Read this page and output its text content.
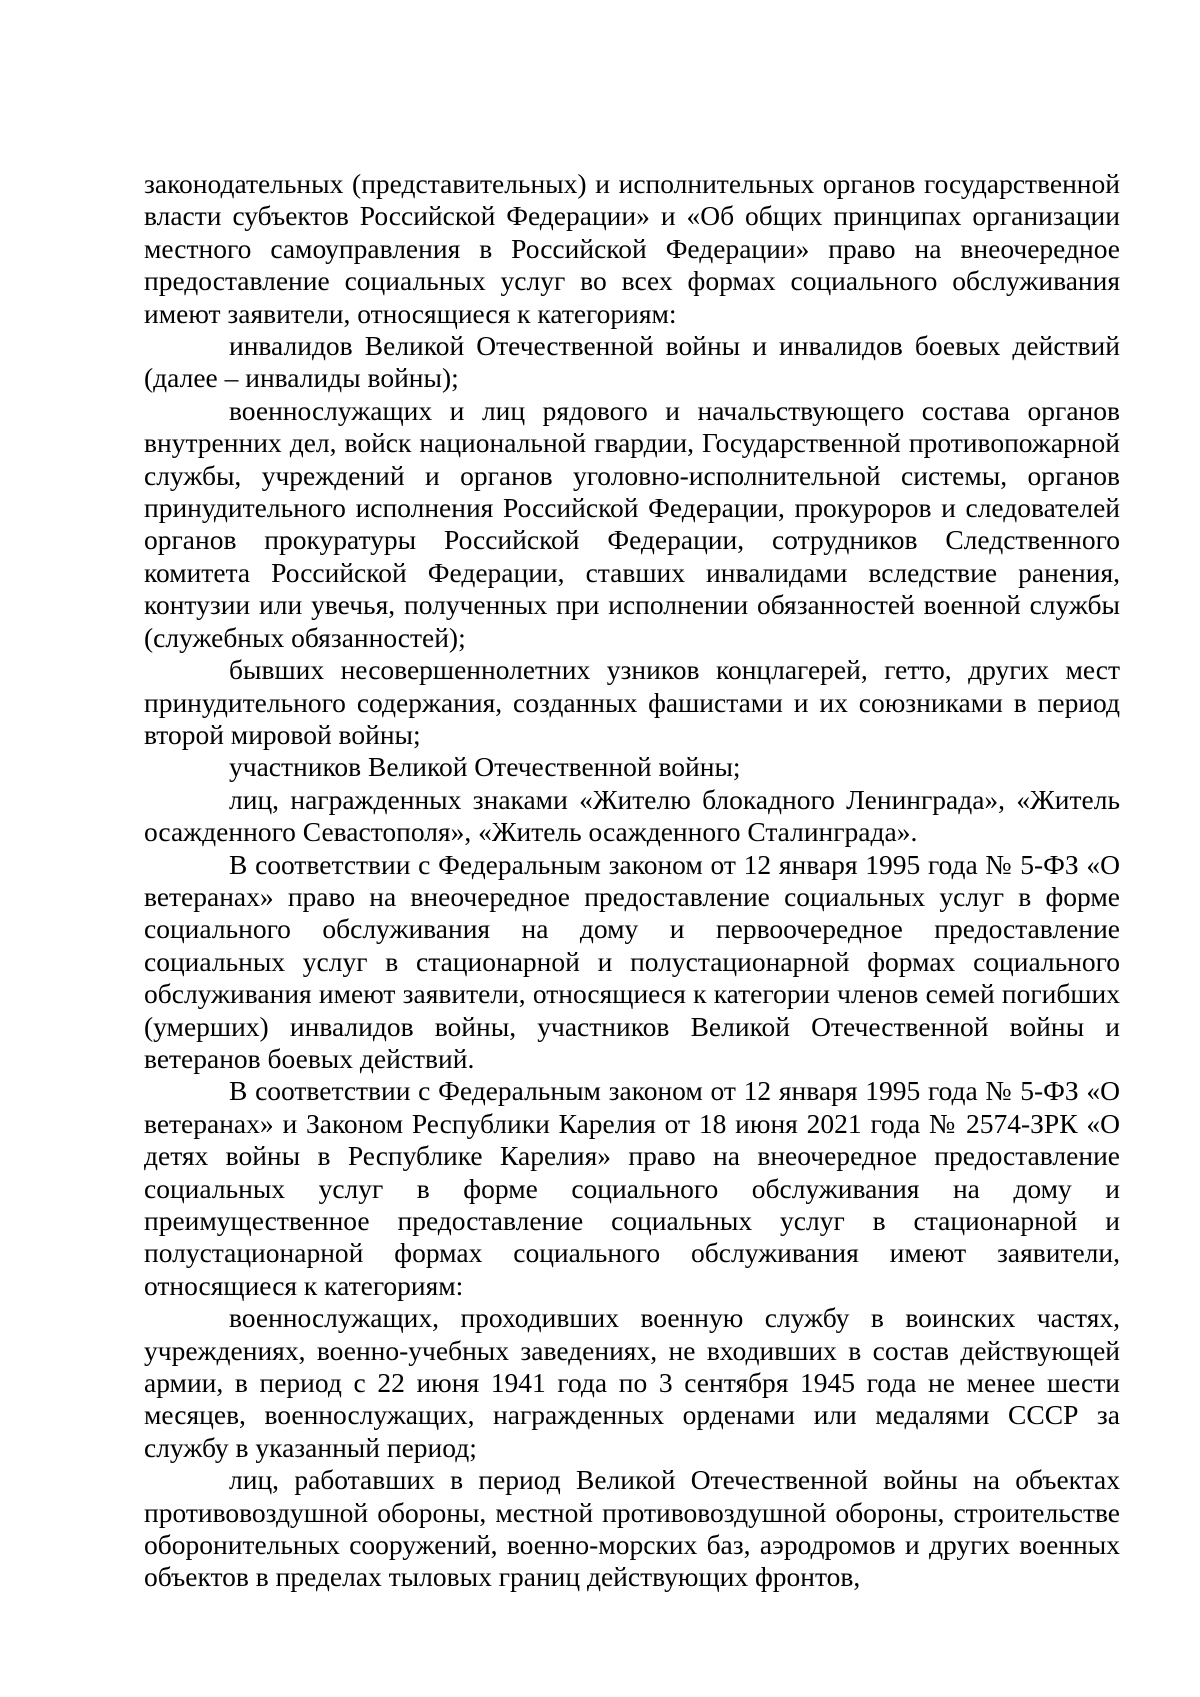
законодательных (представительных) и исполнительных органов государственной власти субъектов Российской Федерации» и «Об общих принципах организации местного самоуправления в Российской Федерации» право на внеочередное предоставление социальных услуг во всех формах социального обслуживания имеют заявители, относящиеся к категориям:

инвалидов Великой Отечественной войны и инвалидов боевых действий (далее – инвалиды войны);

военнослужащих и лиц рядового и начальствующего состава органов внутренних дел, войск национальной гвардии, Государственной противопожарной службы, учреждений и органов уголовно-исполнительной системы, органов принудительного исполнения Российской Федерации, прокуроров и следователей органов прокуратуры Российской Федерации, сотрудников Следственного комитета Российской Федерации, ставших инвалидами вследствие ранения, контузии или увечья, полученных при исполнении обязанностей военной службы (служебных обязанностей);

бывших несовершеннолетних узников концлагерей, гетто, других мест принудительного содержания, созданных фашистами и их союзниками в период второй мировой войны;

участников Великой Отечественной войны;

лиц, награжденных знаками «Жителю блокадного Ленинграда», «Житель осажденного Севастополя», «Житель осажденного Сталинграда».

В соответствии с Федеральным законом от 12 января 1995 года № 5-ФЗ «О ветеранах» право на внеочередное предоставление социальных услуг в форме социального обслуживания на дому и первоочередное предоставление социальных услуг в стационарной и полустационарной формах социального обслуживания имеют заявители, относящиеся к категории членов семей погибших (умерших) инвалидов войны, участников Великой Отечественной войны и ветеранов боевых действий.

В соответствии с Федеральным законом от 12 января 1995 года № 5-ФЗ «О ветеранах» и Законом Республики Карелия от 18 июня 2021 года № 2574-ЗРК «О детях войны в Республике Карелия» право на внеочередное предоставление социальных услуг в форме социального обслуживания на дому и преимущественное предоставление социальных услуг в стационарной и полустационарной формах социального обслуживания имеют заявители, относящиеся к категориям:

военнослужащих, проходивших военную службу в воинских частях, учреждениях, военно-учебных заведениях, не входивших в состав действующей армии, в период с 22 июня 1941 года по 3 сентября 1945 года не менее шести месяцев, военнослужащих, награжденных орденами или медалями СССР за службу в указанный период;

лиц, работавших в период Великой Отечественной войны на объектах противовоздушной обороны, местной противовоздушной обороны, строительстве оборонительных сооружений, военно-морских баз, аэродромов и других военных объектов в пределах тыловых границ действующих фронтов,
